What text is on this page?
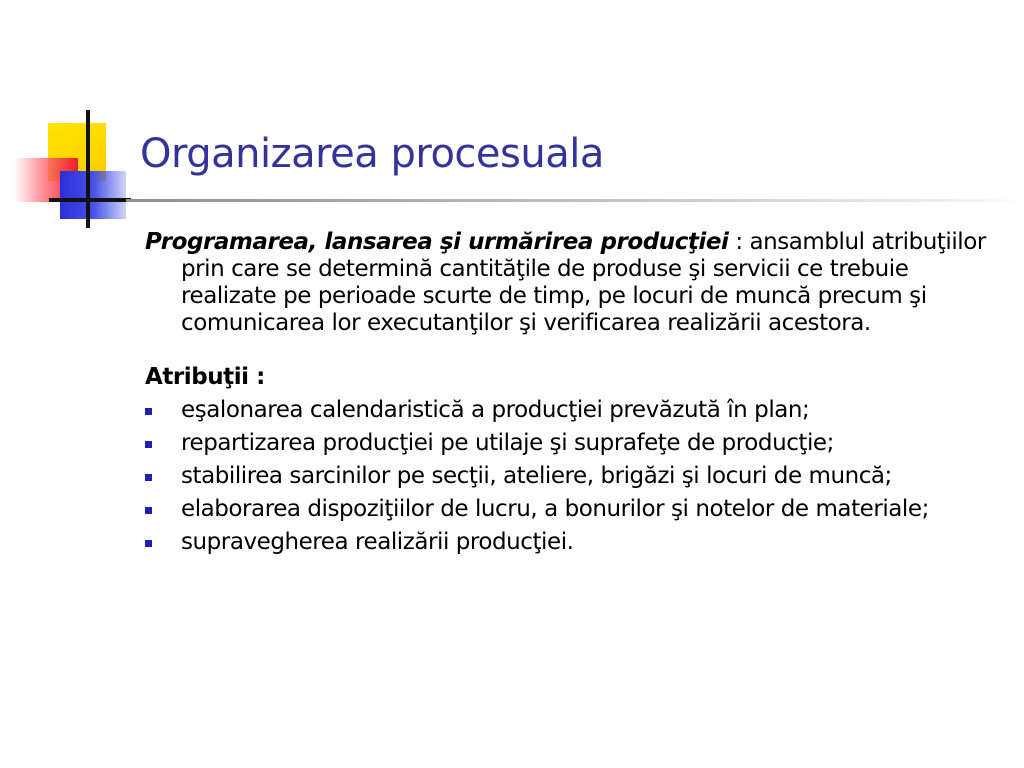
Organizarea procesuala

Programarea, lansarea şi urmărirea producţiei : ansamblul atribuţiilor prin care se determină cantităţile de produse şi servicii ce trebuie realizate pe perioade scurte de timp, pe locuri de muncă precum şi comunicarea lor executanţilor şi verificarea realizării acestora.

Atribuţii :

eşalonarea calendaristică a producţiei prevăzută în plan;
repartizarea producţiei pe utilaje şi suprafeţe de producţie;
stabilirea sarcinilor pe secţii, ateliere, brigăzi şi locuri de muncă;
elaborarea dispoziţiilor de lucru, a bonurilor şi notelor de materiale;
supravegherea realizării producţiei.
